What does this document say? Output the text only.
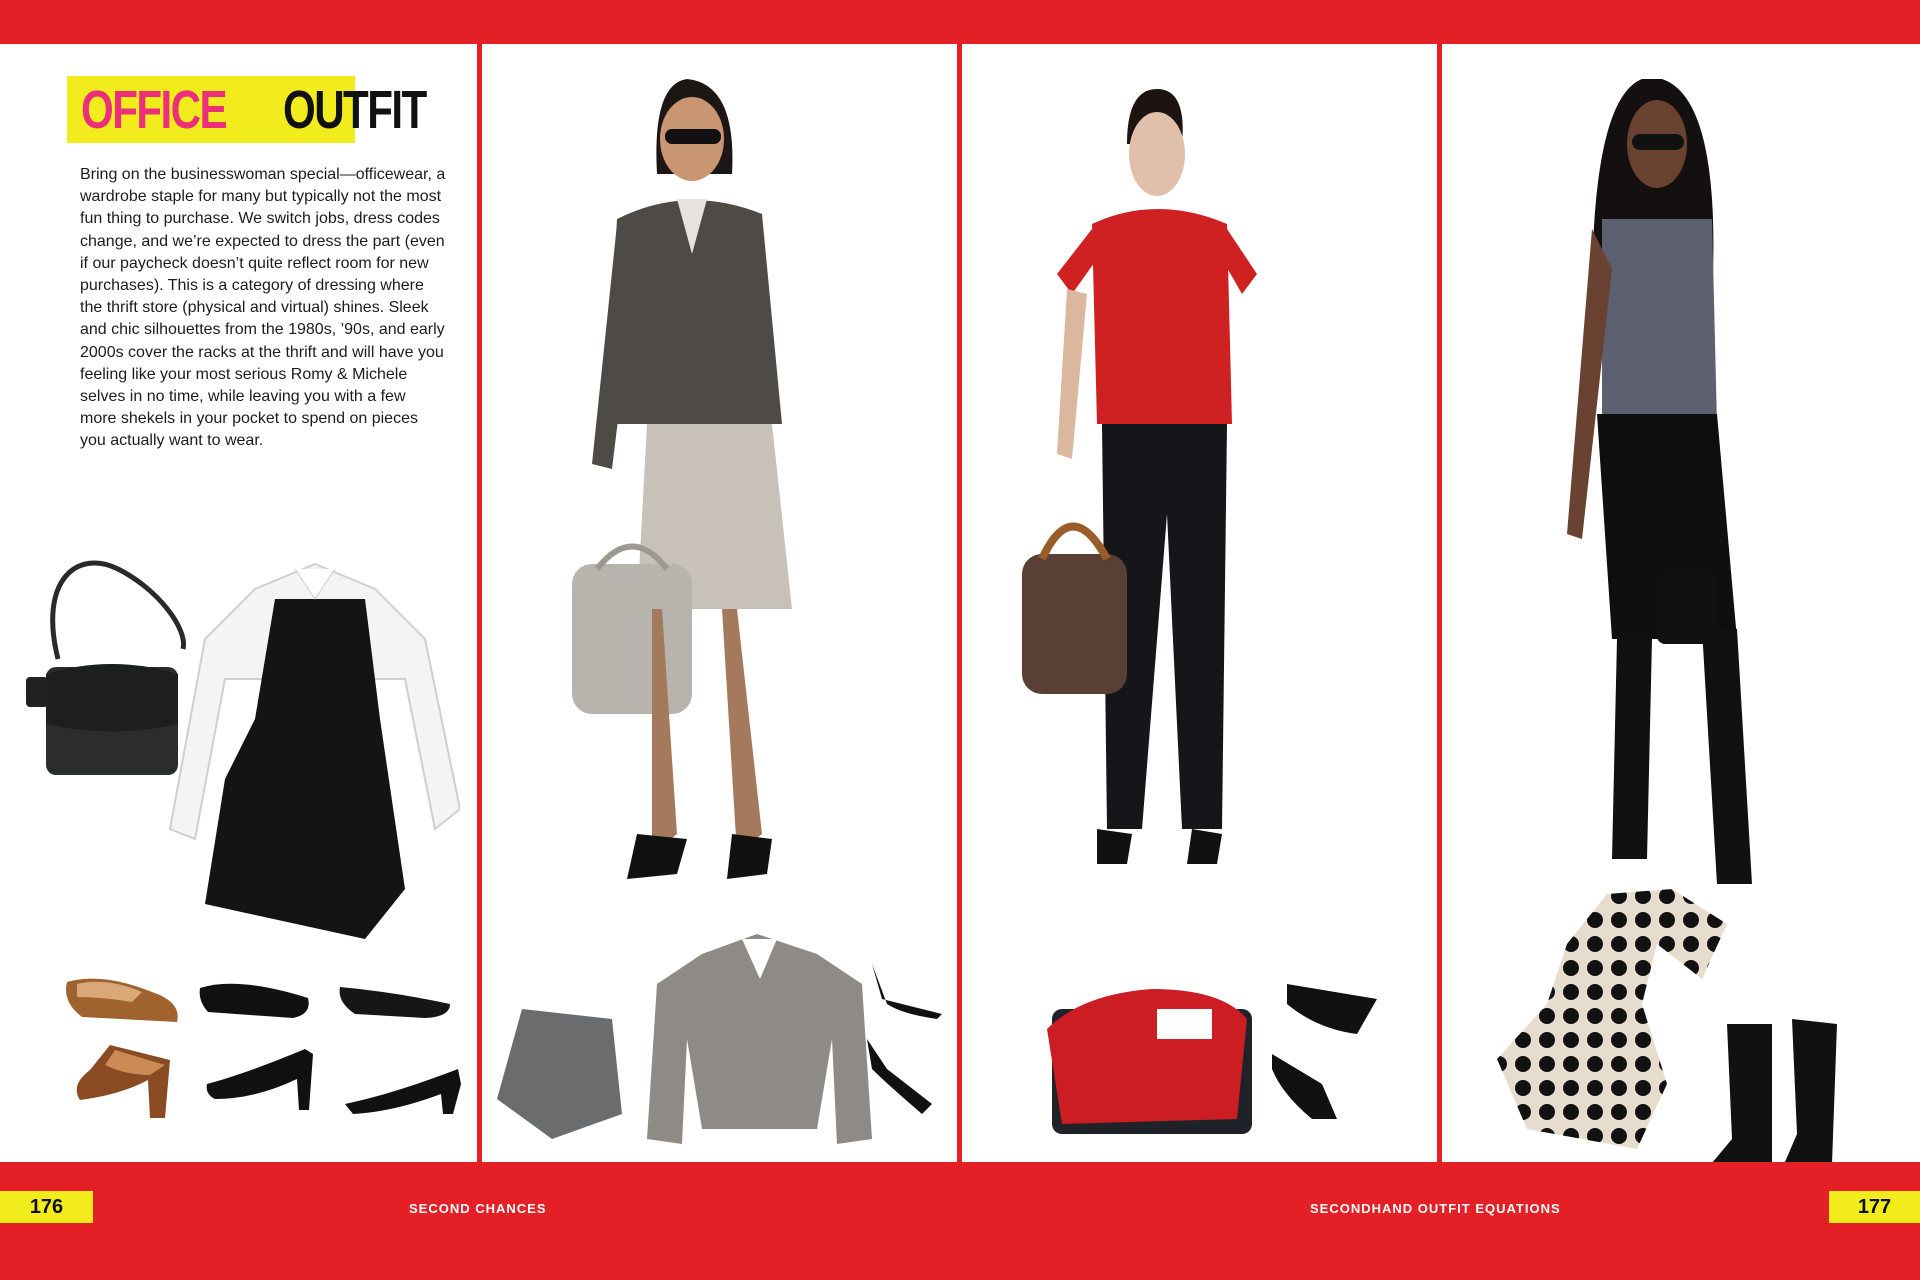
OFFICE OUTFIT
Bring on the businesswoman special—officewear, a wardrobe staple for many but typically not the most fun thing to purchase. We switch jobs, dress codes change, and we’re expected to dress the part (even if our paycheck doesn’t quite reflect room for new purchases). This is a category of dressing where the thrift store (physical and virtual) shines. Sleek and chic silhouettes from the 1980s, ’90s, and early 2000s cover the racks at the thrift and will have you feeling like your most serious Romy & Michele selves in no time, while leaving you with a few more shekels in your pocket to spend on pieces you actually want to wear.
176	SECOND CHANCES	SECONDHAND OUTFIT EQUATIONS	177
